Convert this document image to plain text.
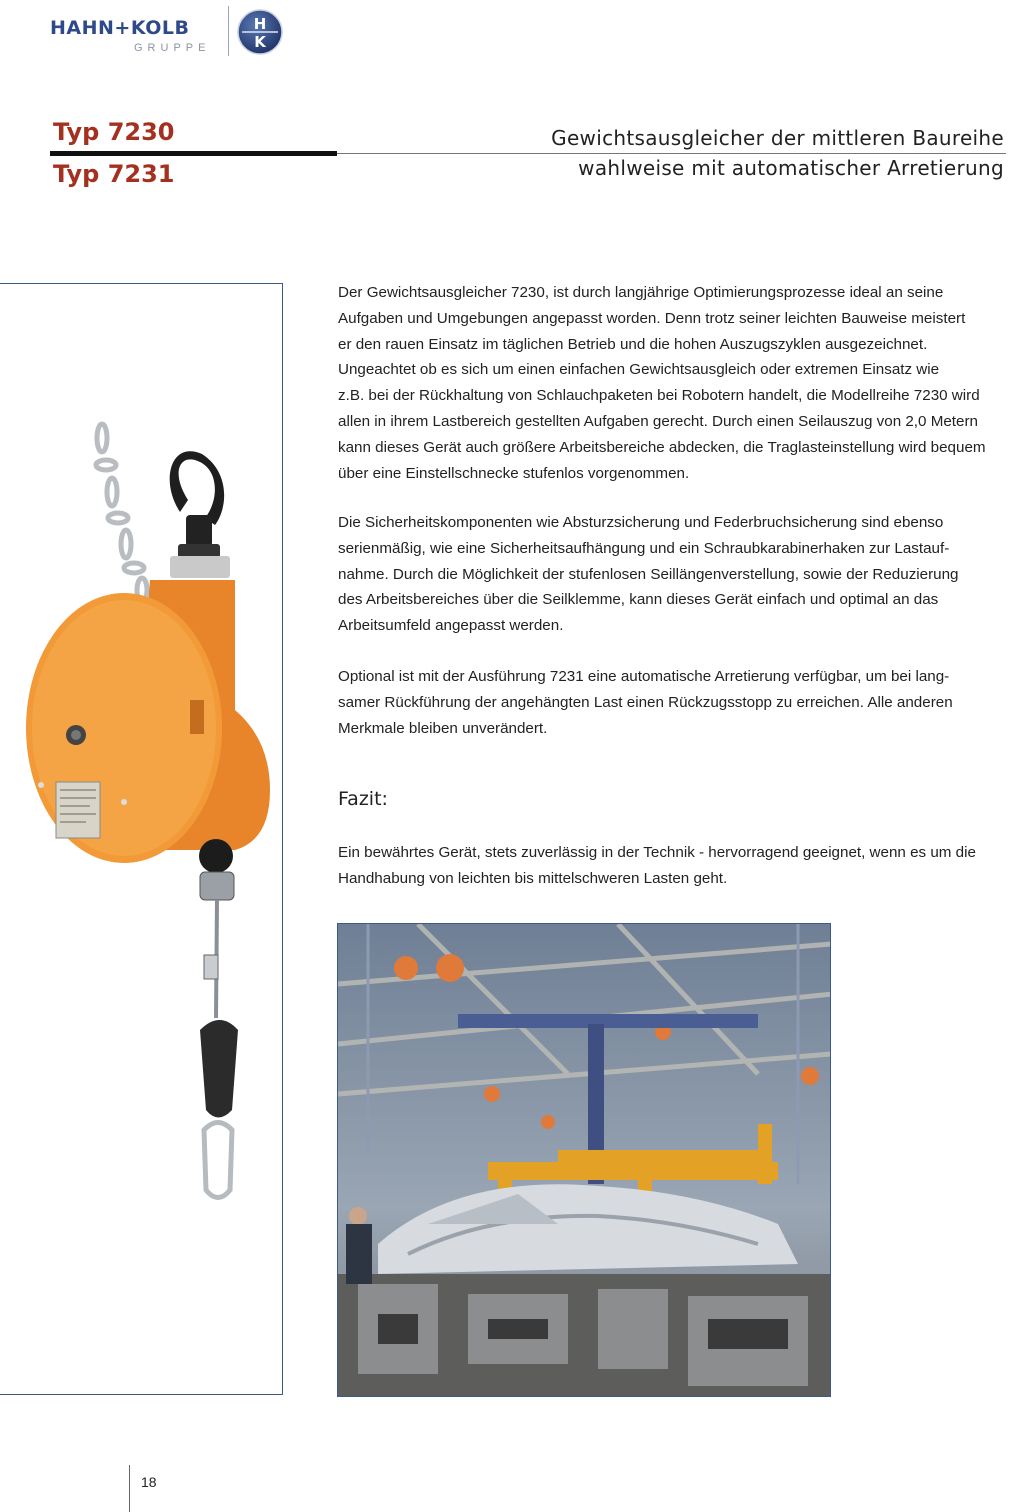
HAHN+KOLB
GRUPPE
H
K
Typ 7230
Typ 7231
Gewichtsausgleicher der mittleren Baureihe
wahlweise mit automatischer Arretierung

Der Gewichtsausgleicher 7230, ist durch langjährige Optimierungsprozesse ideal an seine

Aufgaben und Umgebungen angepasst worden. Denn trotz seiner leichten Bauweise meistert

er den rauen Einsatz im täglichen Betrieb und die hohen Auszugszyklen ausgezeichnet.

Ungeachtet ob es sich um einen einfachen Gewichtsausgleich oder extremen Einsatz wie

z.B. bei der Rückhaltung von Schlauchpaketen bei Robotern handelt, die Modellreihe 7230 wird

allen in ihrem Lastbereich gestellten Aufgaben gerecht. Durch einen Seilauszug von 2,0 Metern

kann dieses Gerät auch größere Arbeitsbereiche abdecken, die Traglasteinstellung wird bequem

über eine Einstellschnecke stufenlos vorgenommen.

Die Sicherheitskomponenten wie Absturzsicherung und Federbruchsicherung sind ebenso

serienmäßig, wie eine Sicherheitsaufhängung und ein Schraubkarabinerhaken zur Lastauf-

nahme. Durch die Möglichkeit der stufenlosen Seillängenverstellung, sowie der Reduzierung

des Arbeitsbereiches über die Seilklemme, kann dieses Gerät einfach und optimal an das

Arbeitsumfeld angepasst werden.

Optional ist mit der Ausführung 7231 eine automatische Arretierung verfügbar, um bei lang-

samer Rückführung der angehängten Last einen Rückzugsstopp zu erreichen. Alle anderen

Merkmale bleiben unverändert.

Fazit:

Ein bewährtes Gerät, stets zuverlässig in der Technik - hervorragend geeignet, wenn es um die

Handhabung von leichten bis mittelschweren Lasten geht.

18
